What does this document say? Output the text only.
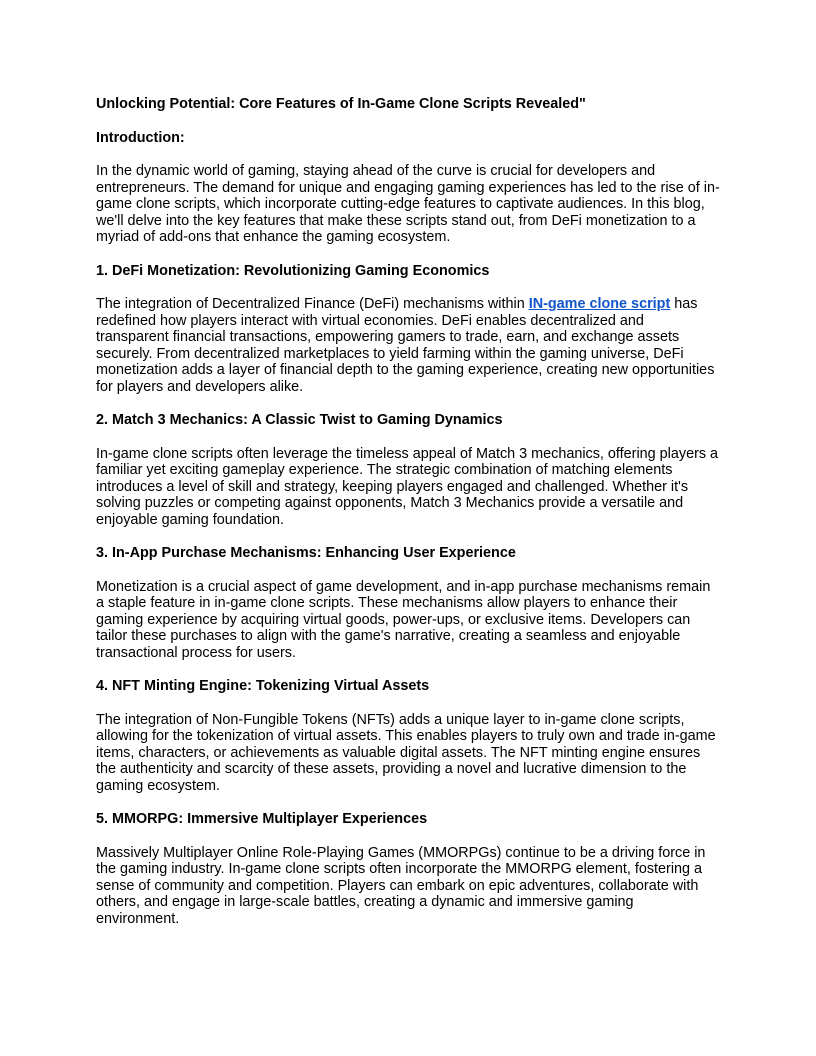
Unlocking Potential: Core Features of In-Game Clone Scripts Revealed"
Introduction:

In the dynamic world of gaming, staying ahead of the curve is crucial for developers and entrepreneurs. The demand for unique and engaging gaming experiences has led to the rise of in-game clone scripts, which incorporate cutting-edge features to captivate audiences. In this blog, we'll delve into the key features that make these scripts stand out, from DeFi monetization to a myriad of add-ons that enhance the gaming ecosystem.

1. DeFi Monetization: Revolutionizing Gaming Economics

The integration of Decentralized Finance (DeFi) mechanisms within IN-game clone script has redefined how players interact with virtual economies. DeFi enables decentralized and transparent financial transactions, empowering gamers to trade, earn, and exchange assets securely. From decentralized marketplaces to yield farming within the gaming universe, DeFi monetization adds a layer of financial depth to the gaming experience, creating new opportunities for players and developers alike.

2. Match 3 Mechanics: A Classic Twist to Gaming Dynamics

In-game clone scripts often leverage the timeless appeal of Match 3 mechanics, offering players a familiar yet exciting gameplay experience. The strategic combination of matching elements introduces a level of skill and strategy, keeping players engaged and challenged. Whether it's solving puzzles or competing against opponents, Match 3 Mechanics provide a versatile and enjoyable gaming foundation.

3. In-App Purchase Mechanisms: Enhancing User Experience

Monetization is a crucial aspect of game development, and in-app purchase mechanisms remain a staple feature in in-game clone scripts. These mechanisms allow players to enhance their gaming experience by acquiring virtual goods, power-ups, or exclusive items. Developers can tailor these purchases to align with the game's narrative, creating a seamless and enjoyable transactional process for users.

4. NFT Minting Engine: Tokenizing Virtual Assets

The integration of Non-Fungible Tokens (NFTs) adds a unique layer to in-game clone scripts, allowing for the tokenization of virtual assets. This enables players to truly own and trade in-game items, characters, or achievements as valuable digital assets. The NFT minting engine ensures the authenticity and scarcity of these assets, providing a novel and lucrative dimension to the gaming ecosystem.

5. MMORPG: Immersive Multiplayer Experiences

Massively Multiplayer Online Role-Playing Games (MMORPGs) continue to be a driving force in the gaming industry. In-game clone scripts often incorporate the MMORPG element, fostering a sense of community and competition. Players can embark on epic adventures, collaborate with others, and engage in large-scale battles, creating a dynamic and immersive gaming environment.
